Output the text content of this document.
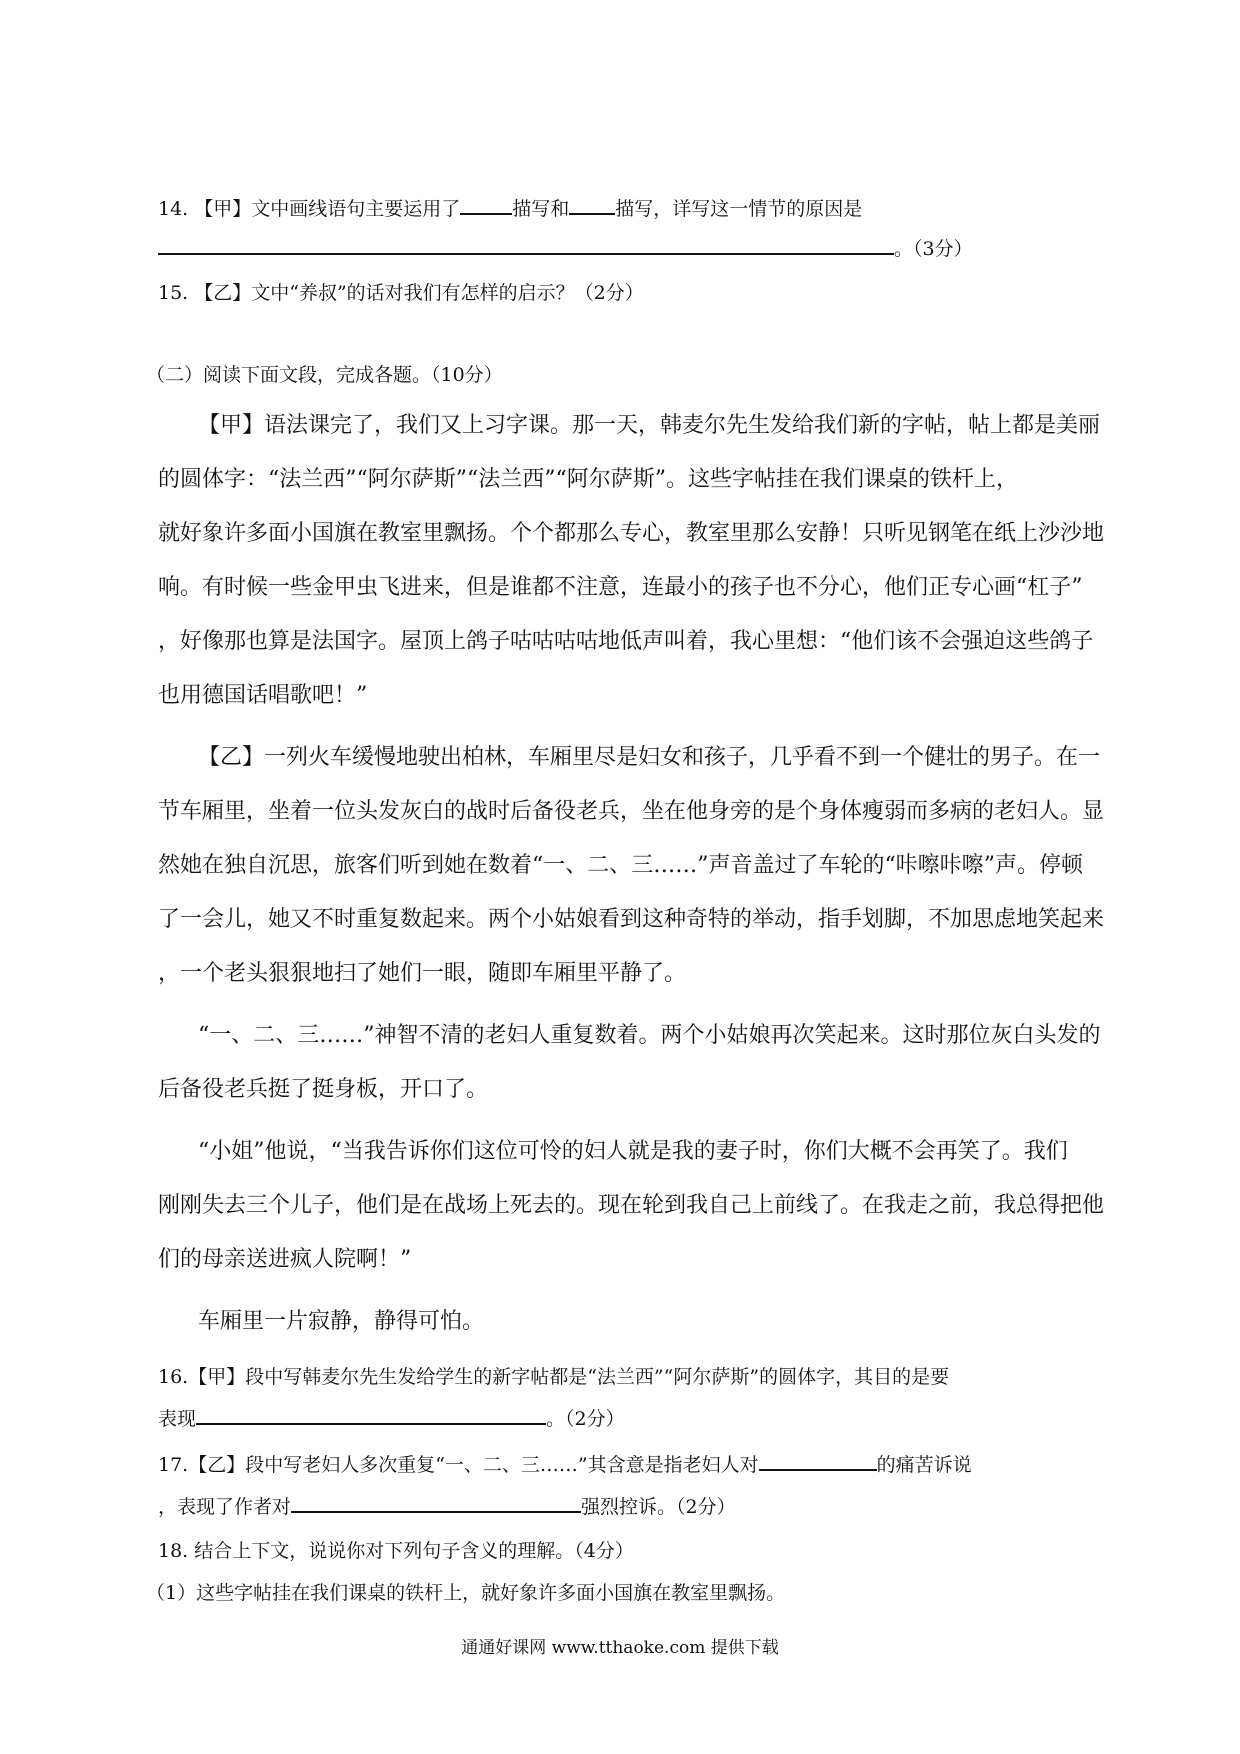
14. 【甲】文中画线语句主要运用了	描写和 描写，详写这一情节的原因是
。（3分）
15. 【乙】文中“养叔”的话对我们有怎样的启示？（2分）
（二）阅读下面文段，完成各题。（10分）
【甲】语法课完了，我们又上习字课。那一天，韩麦尔先生发给我们新的字帖，帖上都是美丽
的圆体字：“法兰西”“阿尔萨斯”“法兰西”“阿尔萨斯”。这些字帖挂在我们课桌的铁杆上，
就好象许多面小国旗在教室里飘扬。个个都那么专心，教室里那么安静！只听见钢笔在纸上沙沙地
响。有时候一些金甲虫飞进来，但是谁都不注意，连最小的孩子也不分心，他们正专心画“杠子”
，好像那也算是法国字。屋顶上鸽子咕咕咕咕地低声叫着，我心里想：“他们该不会强迫这些鸽子
也用德国话唱歌吧！”
【乙】一列火车缓慢地驶出柏林，车厢里尽是妇女和孩子，几乎看不到一个健壮的男子。在一
节车厢里，坐着一位头发灰白的战时后备役老兵，坐在他身旁的是个身体瘦弱而多病的老妇人。显
然她在独自沉思，旅客们听到她在数着“一、二、三……”声音盖过了车轮的“咔嚓咔嚓”声。停顿
了一会儿，她又不时重复数起来。两个小姑娘看到这种奇特的举动，指手划脚，不加思虑地笑起来
，一个老头狠狠地扫了她们一眼，随即车厢里平静了。
“一、二、三……”神智不清的老妇人重复数着。两个小姑娘再次笑起来。这时那位灰白头发的
后备役老兵挺了挺身板，开口了。
“小姐”他说，“当我告诉你们这位可怜的妇人就是我的妻子时，你们大概不会再笑了。我们
刚刚失去三个儿子，他们是在战场上死去的。现在轮到我自己上前线了。在我走之前，我总得把他
们的母亲送进疯人院啊！”
车厢里一片寂静，静得可怕。
16.【甲】段中写韩麦尔先生发给学生的新字帖都是“法兰西”“阿尔萨斯”的圆体字，其目的是要
表现	。（2分）
17.【乙】段中写老妇人多次重复“一、二、三……”其含意是指老妇人对	的痛苦诉说
，表现了作者对	强烈控诉。（2分）
18. 结合上下文，说说你对下列句子含义的理解。（4分）
（1）这些字帖挂在我们课桌的铁杆上，就好象许多面小国旗在教室里飘扬。
通通好课网 www.tthaoke.com 提供下载
